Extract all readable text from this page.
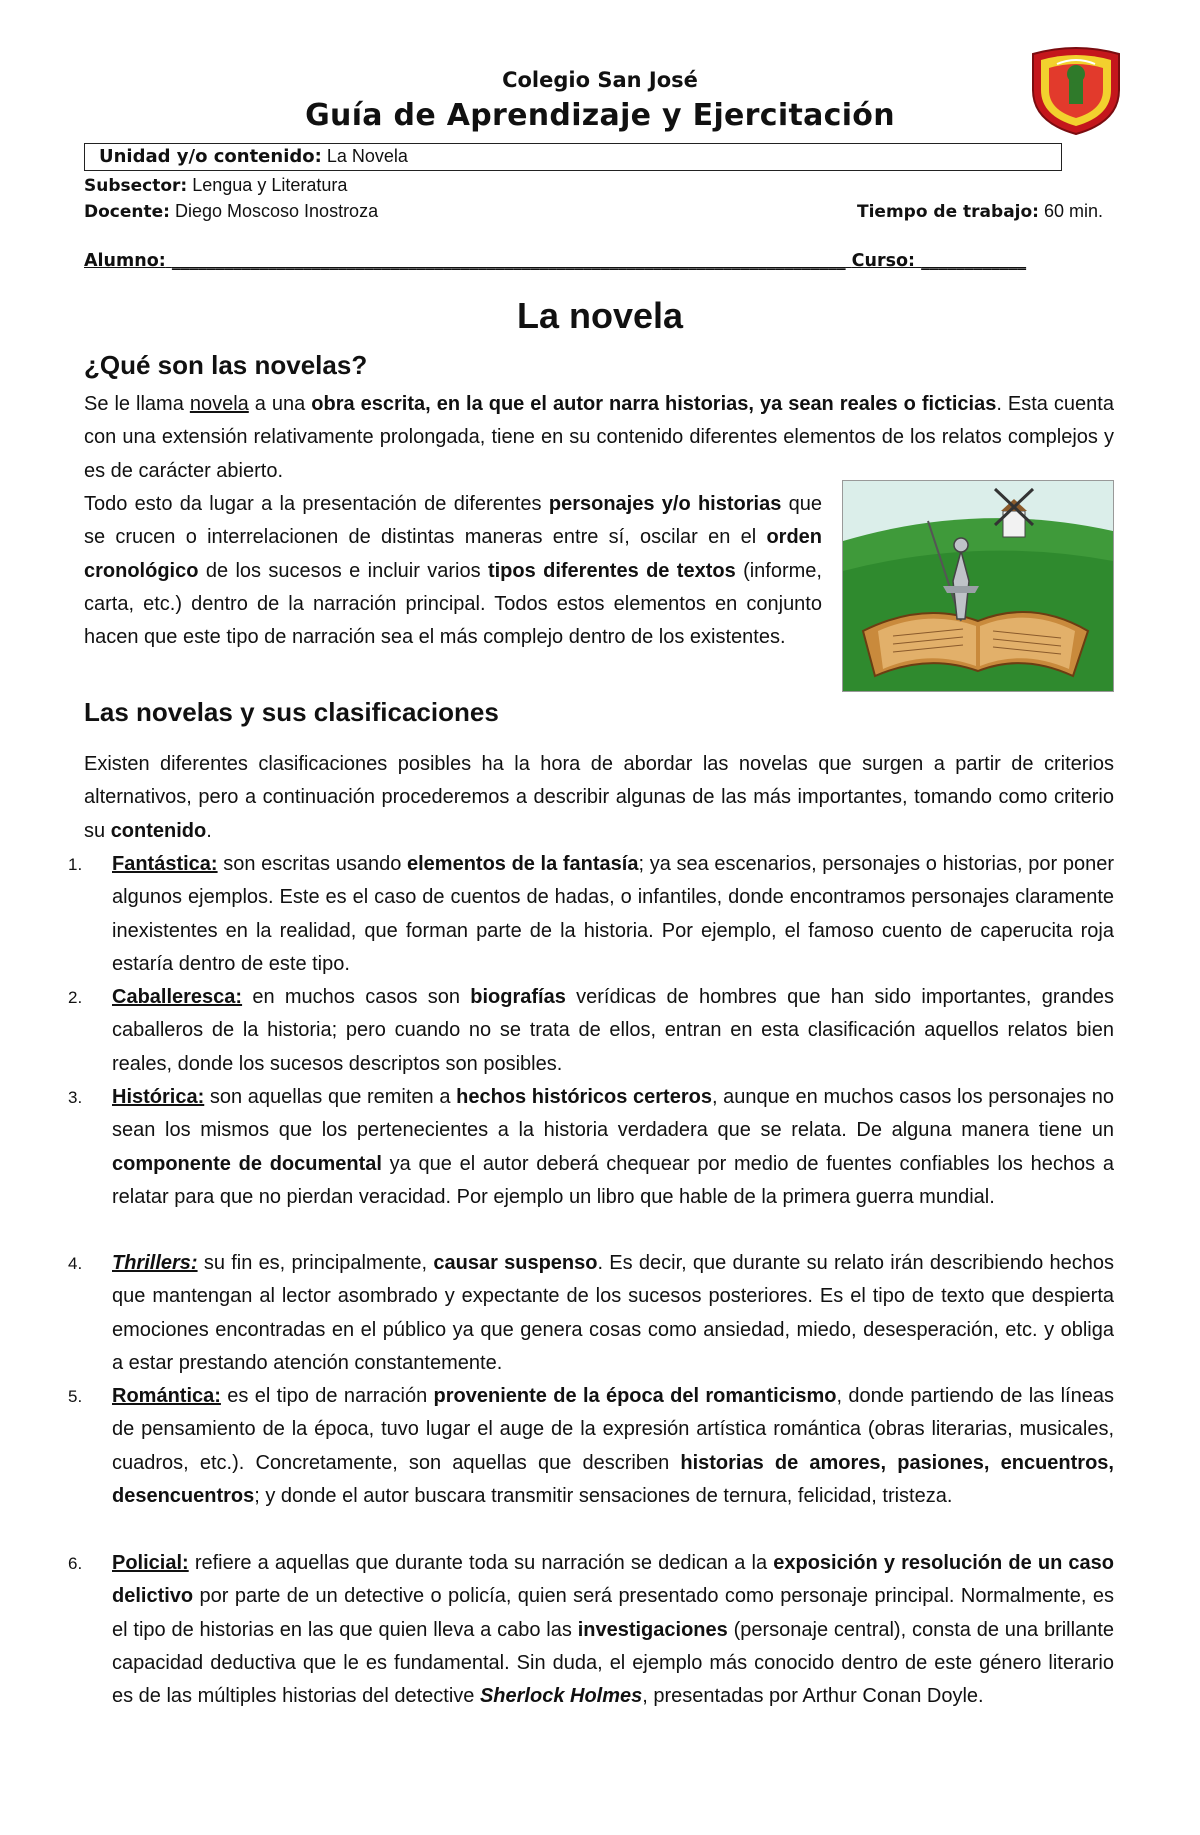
Colegio San José
Guía de Aprendizaje y Ejercitación
Unidad y/o contenido: La Novela
Subsector: Lengua y Literatura
Docente: Diego Moscoso Inostroza	Tiempo de trabajo: 60 min.
Alumno: _____________________________________________________________________________ Curso: ____________
La novela
¿Qué son las novelas?
Se le llama novela a una obra escrita, en la que el autor narra historias, ya sean reales o ficticias. Esta cuenta con una extensión relativamente prolongada, tiene en su contenido diferentes elementos de los relatos complejos y es de carácter abierto.
Todo esto da lugar a la presentación de diferentes personajes y/o historias que se crucen o interrelacionen de distintas maneras entre sí, oscilar en el orden cronológico de los sucesos e incluir varios tipos diferentes de textos (informe, carta, etc.) dentro de la narración principal. Todos estos elementos en conjunto hacen que este tipo de narración sea el más complejo dentro de los existentes.
Las novelas y sus clasificaciones
Existen diferentes clasificaciones posibles ha la hora de abordar las novelas que surgen a partir de criterios alternativos, pero a continuación procederemos a describir algunas de las más importantes, tomando como criterio su contenido.
1. Fantástica: son escritas usando elementos de la fantasía; ya sea escenarios, personajes o historias, por poner algunos ejemplos. Este es el caso de cuentos de hadas, o infantiles, donde encontramos personajes claramente inexistentes en la realidad, que forman parte de la historia. Por ejemplo, el famoso cuento de caperucita roja estaría dentro de este tipo.
2. Caballeresca: en muchos casos son biografías verídicas de hombres que han sido importantes, grandes caballeros de la historia; pero cuando no se trata de ellos, entran en esta clasificación aquellos relatos bien reales, donde los sucesos descriptos son posibles.
3. Histórica: son aquellas que remiten a hechos históricos certeros, aunque en muchos casos los personajes no sean los mismos que los pertenecientes a la historia verdadera que se relata. De alguna manera tiene un componente de documental ya que el autor deberá chequear por medio de fuentes confiables los hechos a relatar para que no pierdan veracidad. Por ejemplo un libro que hable de la primera guerra mundial.
4. Thrillers: su fin es, principalmente, causar suspenso. Es decir, que durante su relato irán describiendo hechos que mantengan al lector asombrado y expectante de los sucesos posteriores. Es el tipo de texto que despierta emociones encontradas en el público ya que genera cosas como ansiedad, miedo, desesperación, etc. y obliga a estar prestando atención constantemente.
5. Romántica: es el tipo de narración proveniente de la época del romanticismo, donde partiendo de las líneas de pensamiento de la época, tuvo lugar el auge de la expresión artística romántica (obras literarias, musicales, cuadros, etc.). Concretamente, son aquellas que describen historias de amores, pasiones, encuentros, desencuentros; y donde el autor buscara transmitir sensaciones de ternura, felicidad, tristeza.
6. Policial: refiere a aquellas que durante toda su narración se dedican a la exposición y resolución de un caso delictivo por parte de un detective o policía, quien será presentado como personaje principal. Normalmente, es el tipo de historias en las que quien lleva a cabo las investigaciones (personaje central), consta de una brillante capacidad deductiva que le es fundamental. Sin duda, el ejemplo más conocido dentro de este género literario es de las múltiples historias del detective Sherlock Holmes, presentadas por Arthur Conan Doyle.
